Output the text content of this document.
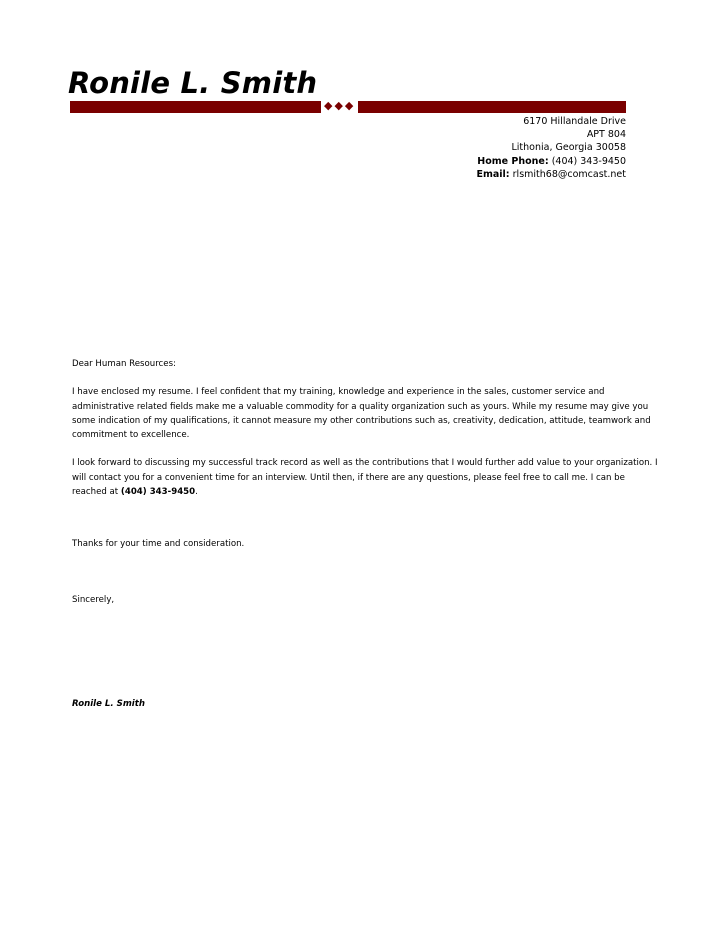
Ronile L. Smith
◆◆◆
6170 Hillandale Drive
APT 804
Lithonia, Georgia 30058
Home Phone: (404) 343-9450
Email: rlsmith68@comcast.net

Dear Human Resources:

I have enclosed my resume. I feel confident that my training, knowledge and experience in the sales, customer service and

administrative related fields make me a valuable commodity for a quality organization such as yours. While my resume may give you

some indication of my qualifications, it cannot measure my other contributions such as, creativity, dedication, attitude, teamwork and

commitment to excellence.

I look forward to discussing my successful track record as well as the contributions that I would further add value to your organization. I

will contact you for a convenient time for an interview. Until then, if there are any questions, please feel free to call me. I can be

reached at (404) 343-9450.

Thanks for your time and consideration.

Sincerely,

Ronile L. Smith
